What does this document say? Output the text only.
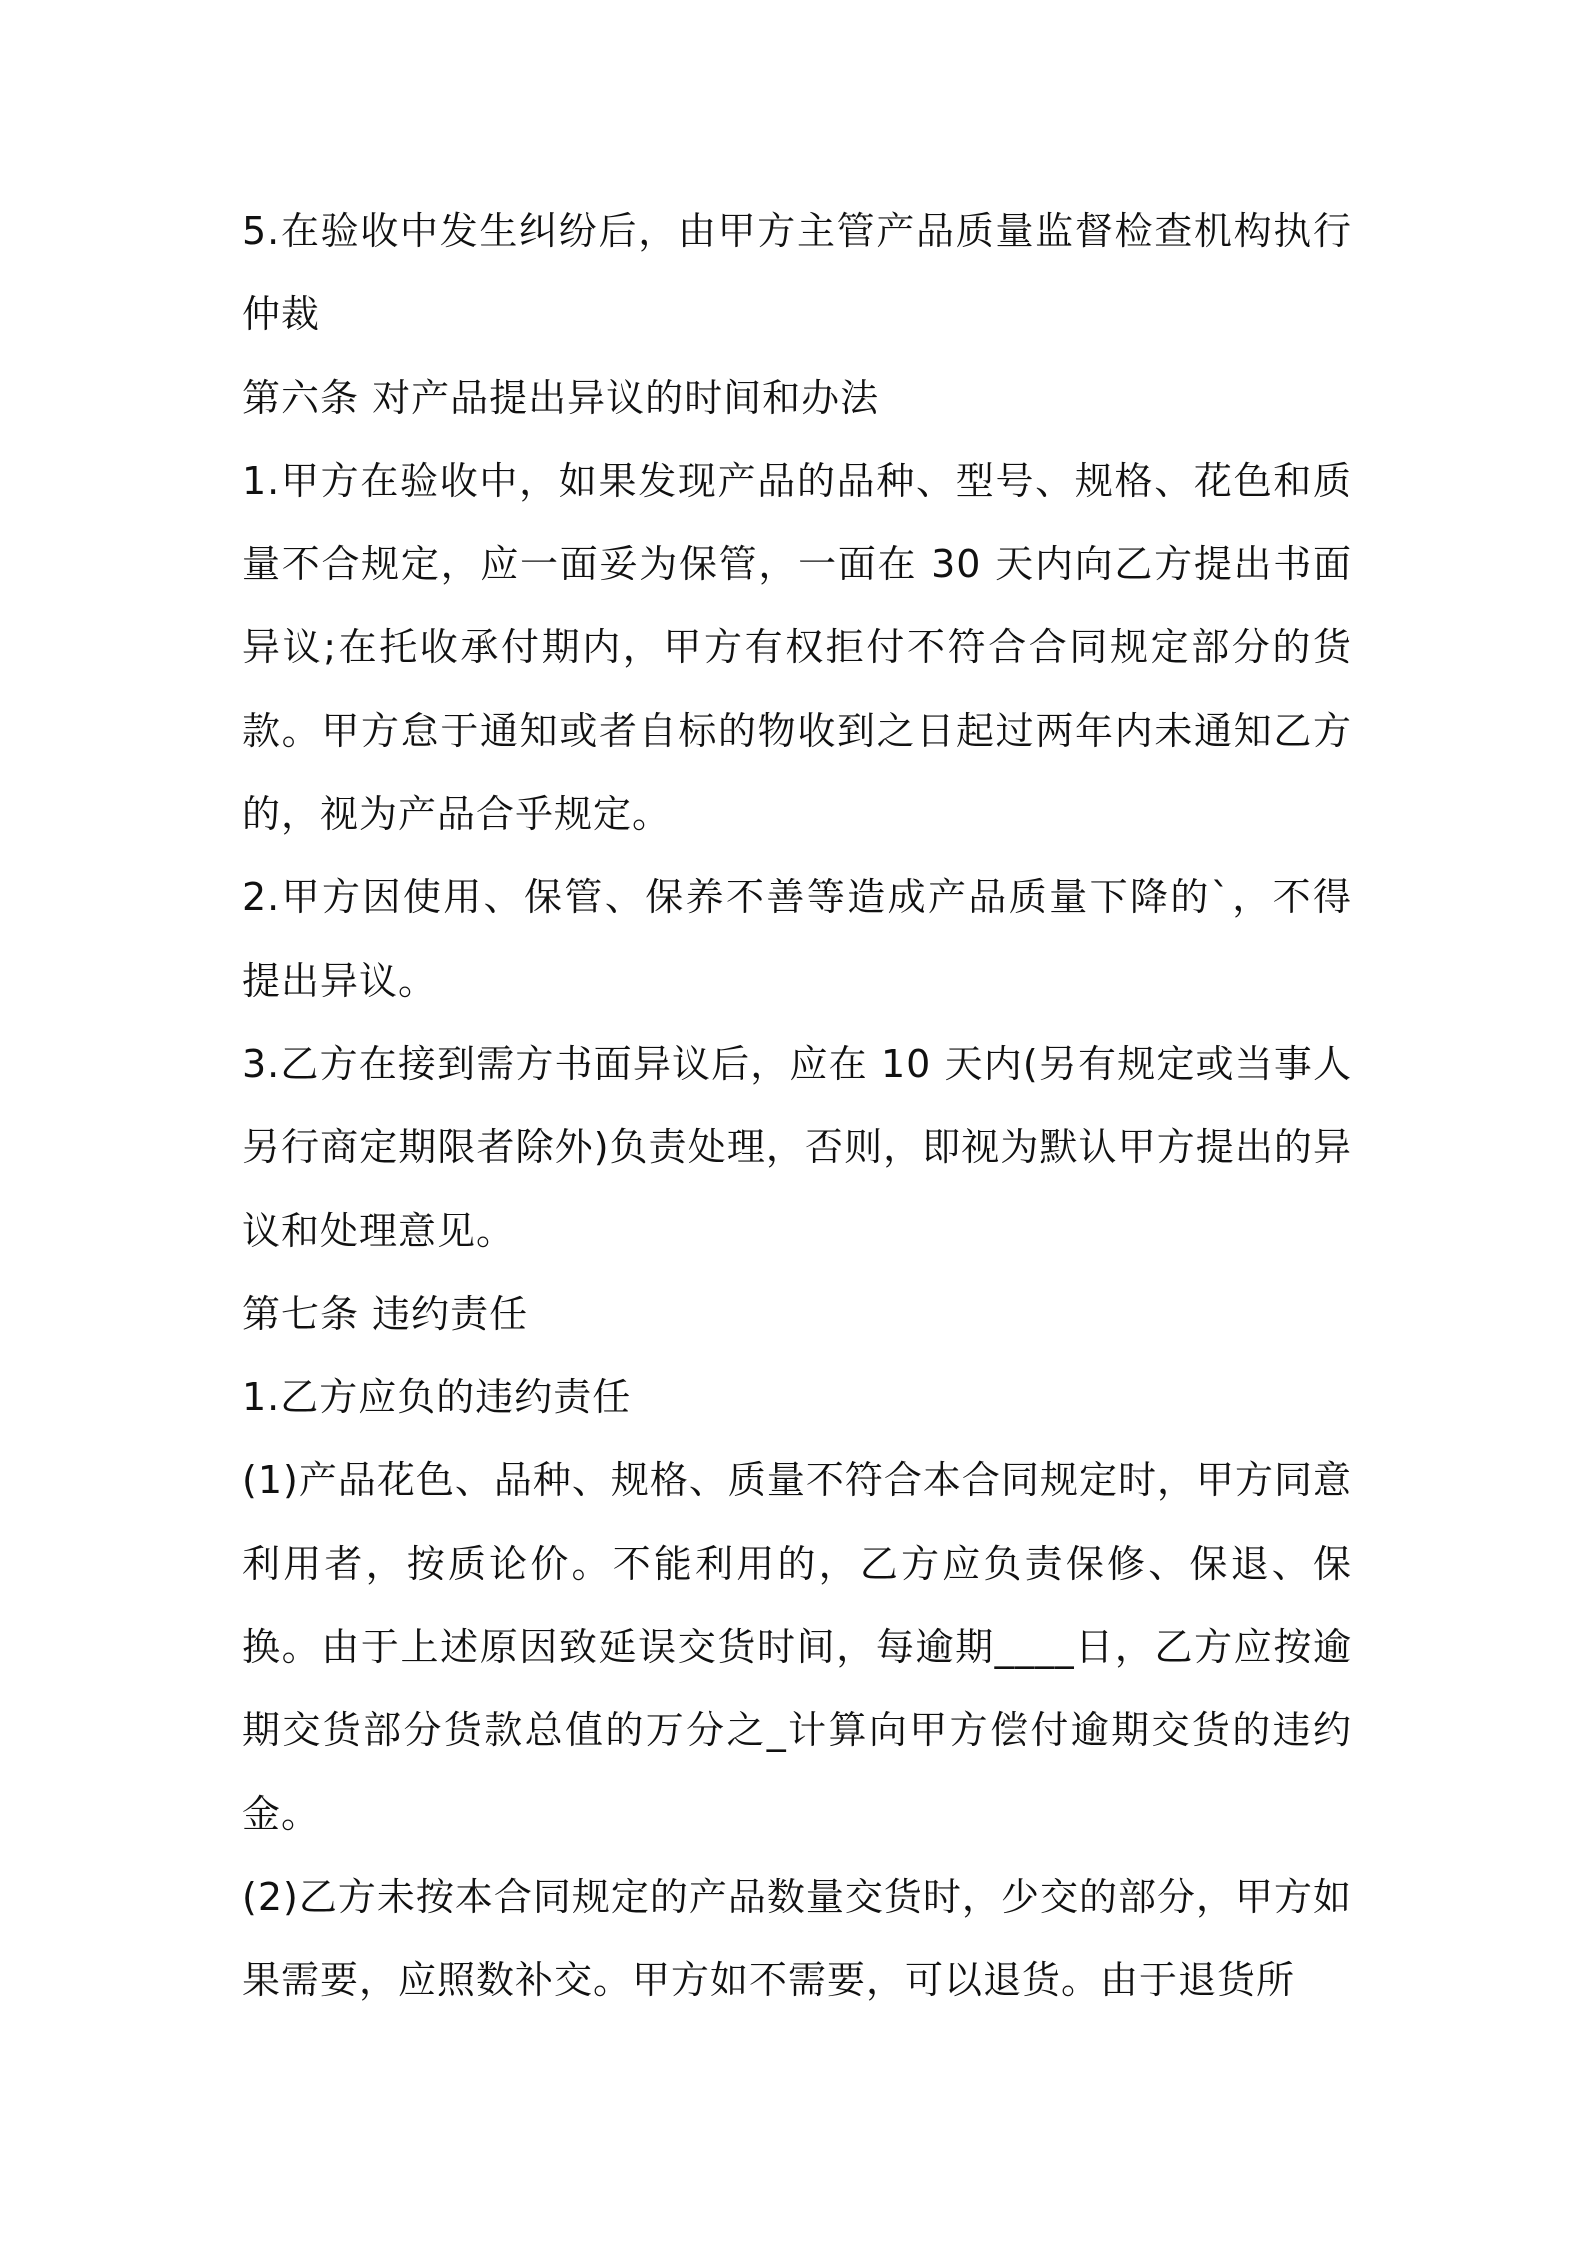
5.在验收中发生纠纷后，由甲方主管产品质量监督检查机构执行仲裁

第六条 对产品提出异议的时间和办法

1.甲方在验收中，如果发现产品的品种、型号、规格、花色和质量不合规定，应一面妥为保管，一面在 30 天内向乙方提出书面异议;在托收承付期内，甲方有权拒付不符合合同规定部分的货款。甲方怠于通知或者自标的物收到之日起过两年内未通知乙方的，视为产品合乎规定。

2.甲方因使用、保管、保养不善等造成产品质量下降的`，不得提出异议。

3.乙方在接到需方书面异议后，应在 10 天内(另有规定或当事人另行商定期限者除外)负责处理，否则，即视为默认甲方提出的异议和处理意见。

第七条 违约责任

1.乙方应负的违约责任

(1)产品花色、品种、规格、质量不符合本合同规定时，甲方同意利用者，按质论价。不能利用的，乙方应负责保修、保退、保换。由于上述原因致延误交货时间，每逾期____日，乙方应按逾期交货部分货款总值的万分之_计算向甲方偿付逾期交货的违约金。

(2)乙方未按本合同规定的产品数量交货时，少交的部分，甲方如果需要，应照数补交。甲方如不需要，可以退货。由于退货所
